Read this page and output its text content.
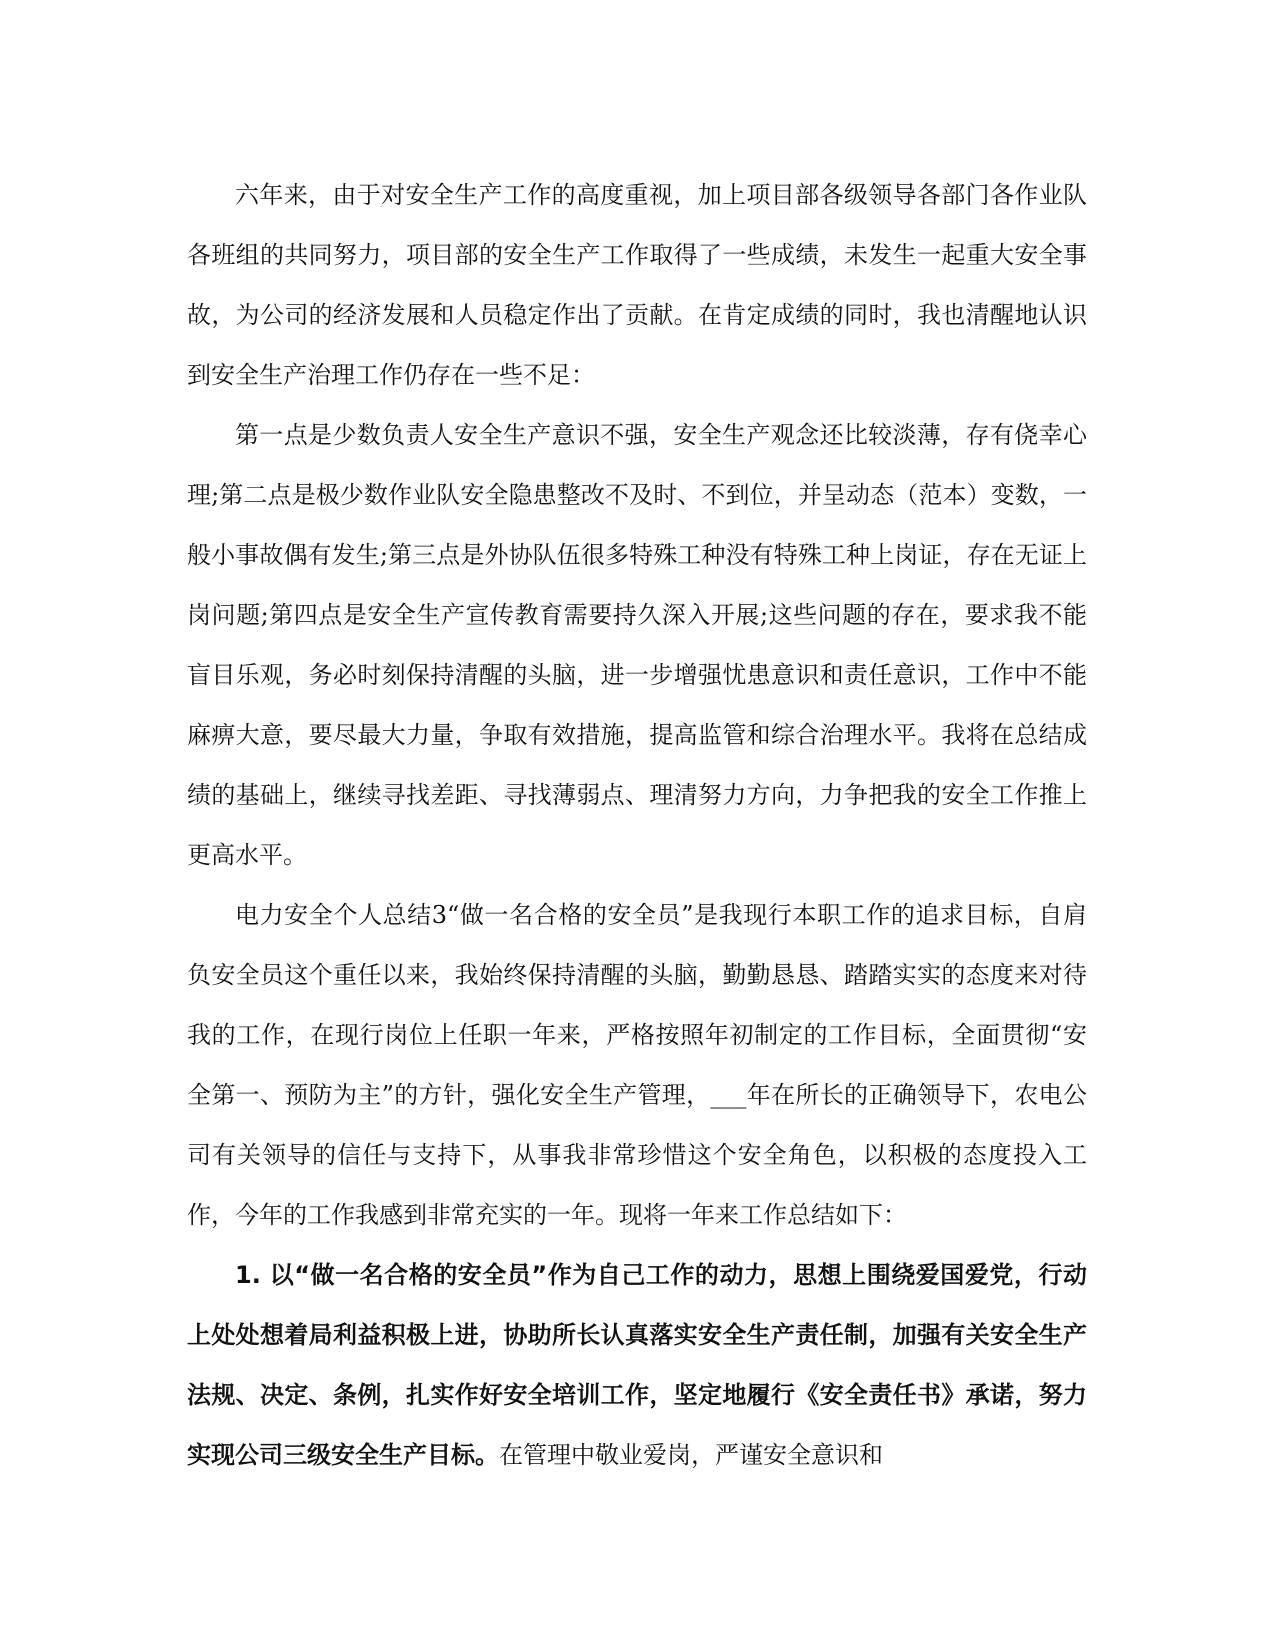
六年来，由于对安全生产工作的高度重视，加上项目部各级领导各部门各作业队各班组的共同努力，项目部的安全生产工作取得了一些成绩，未发生一起重大安全事故，为公司的经济发展和人员稳定作出了贡献。在肯定成绩的同时，我也清醒地认识到安全生产治理工作仍存在一些不足：

第一点是少数负责人安全生产意识不强，安全生产观念还比较淡薄，存有侥幸心理;第二点是极少数作业队安全隐患整改不及时、不到位，并呈动态（范本）变数，一般小事故偶有发生;第三点是外协队伍很多特殊工种没有特殊工种上岗证，存在无证上岗问题;第四点是安全生产宣传教育需要持久深入开展;这些问题的存在，要求我不能盲目乐观，务必时刻保持清醒的头脑，进一步增强忧患意识和责任意识，工作中不能麻痹大意，要尽最大力量，争取有效措施，提高监管和综合治理水平。我将在总结成绩的基础上，继续寻找差距、寻找薄弱点、理清努力方向，力争把我的安全工作推上更高水平。

电力安全个人总结3“做一名合格的安全员”是我现行本职工作的追求目标，自肩负安全员这个重任以来，我始终保持清醒的头脑，勤勤恳恳、踏踏实实的态度来对待我的工作，在现行岗位上任职一年来，严格按照年初制定的工作目标，全面贯彻“安全第一、预防为主”的方针，强化安全生产管理，___年在所长的正确领导下，农电公司有关领导的信任与支持下，从事我非常珍惜这个安全角色，以积极的态度投入工作，今年的工作我感到非常充实的一年。现将一年来工作总结如下：

1. 以“做一名合格的安全员”作为自己工作的动力，思想上围绕爱国爱党，行动上处处想着局利益积极上进，协助所长认真落实安全生产责任制，加强有关安全生产法规、决定、条例，扎实作好安全培训工作，坚定地履行《安全责任书》承诺，努力实现公司三级安全生产目标。在管理中敬业爱岗，严谨安全意识和
